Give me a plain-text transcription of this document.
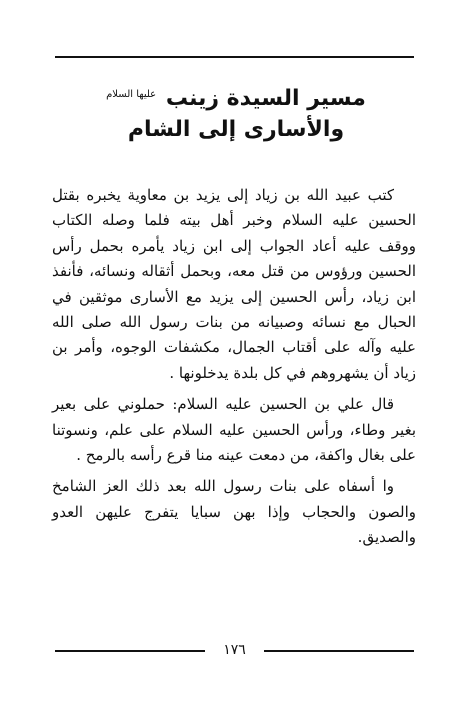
مسير السيدة زينب $^{عليها السلام}$
والأسارى إلى الشام

كتب عبيد الله بن زياد إلى يزيد بن معاوية يخبره بقتل الحسين عليه السلام وخبر أهل بيته فلما وصله الكتاب ووقف عليه أعاد الجواب إلى ابن زياد يأمره بحمل رأس الحسين ورؤوس من قتل معه، وبحمل أثقاله ونسائه، فأنفذ ابن زياد، رأس الحسين إلى يزيد مع الأسارى موثقين في الحبال مع نسائه وصبيانه من بنات رسول الله صلى الله عليه وآله على أقتاب الجمال، مكشفات الوجوه، وأمر بن زياد أن يشهروهم في كل بلدة يدخلونها .

قال علي بن الحسين عليه السلام: حملوني على بعير بغير وطاء، ورأس الحسين عليه السلام على علم، ونسوتنا على بغال واكفة، من دمعت عينه منا قرع رأسه بالرمح .

وا أسفاه على بنات رسول الله بعد ذلك العز الشامخ والصون والحجاب وإذا بهن سبايا يتفرج عليهن العدو والصديق.

١٧٦
